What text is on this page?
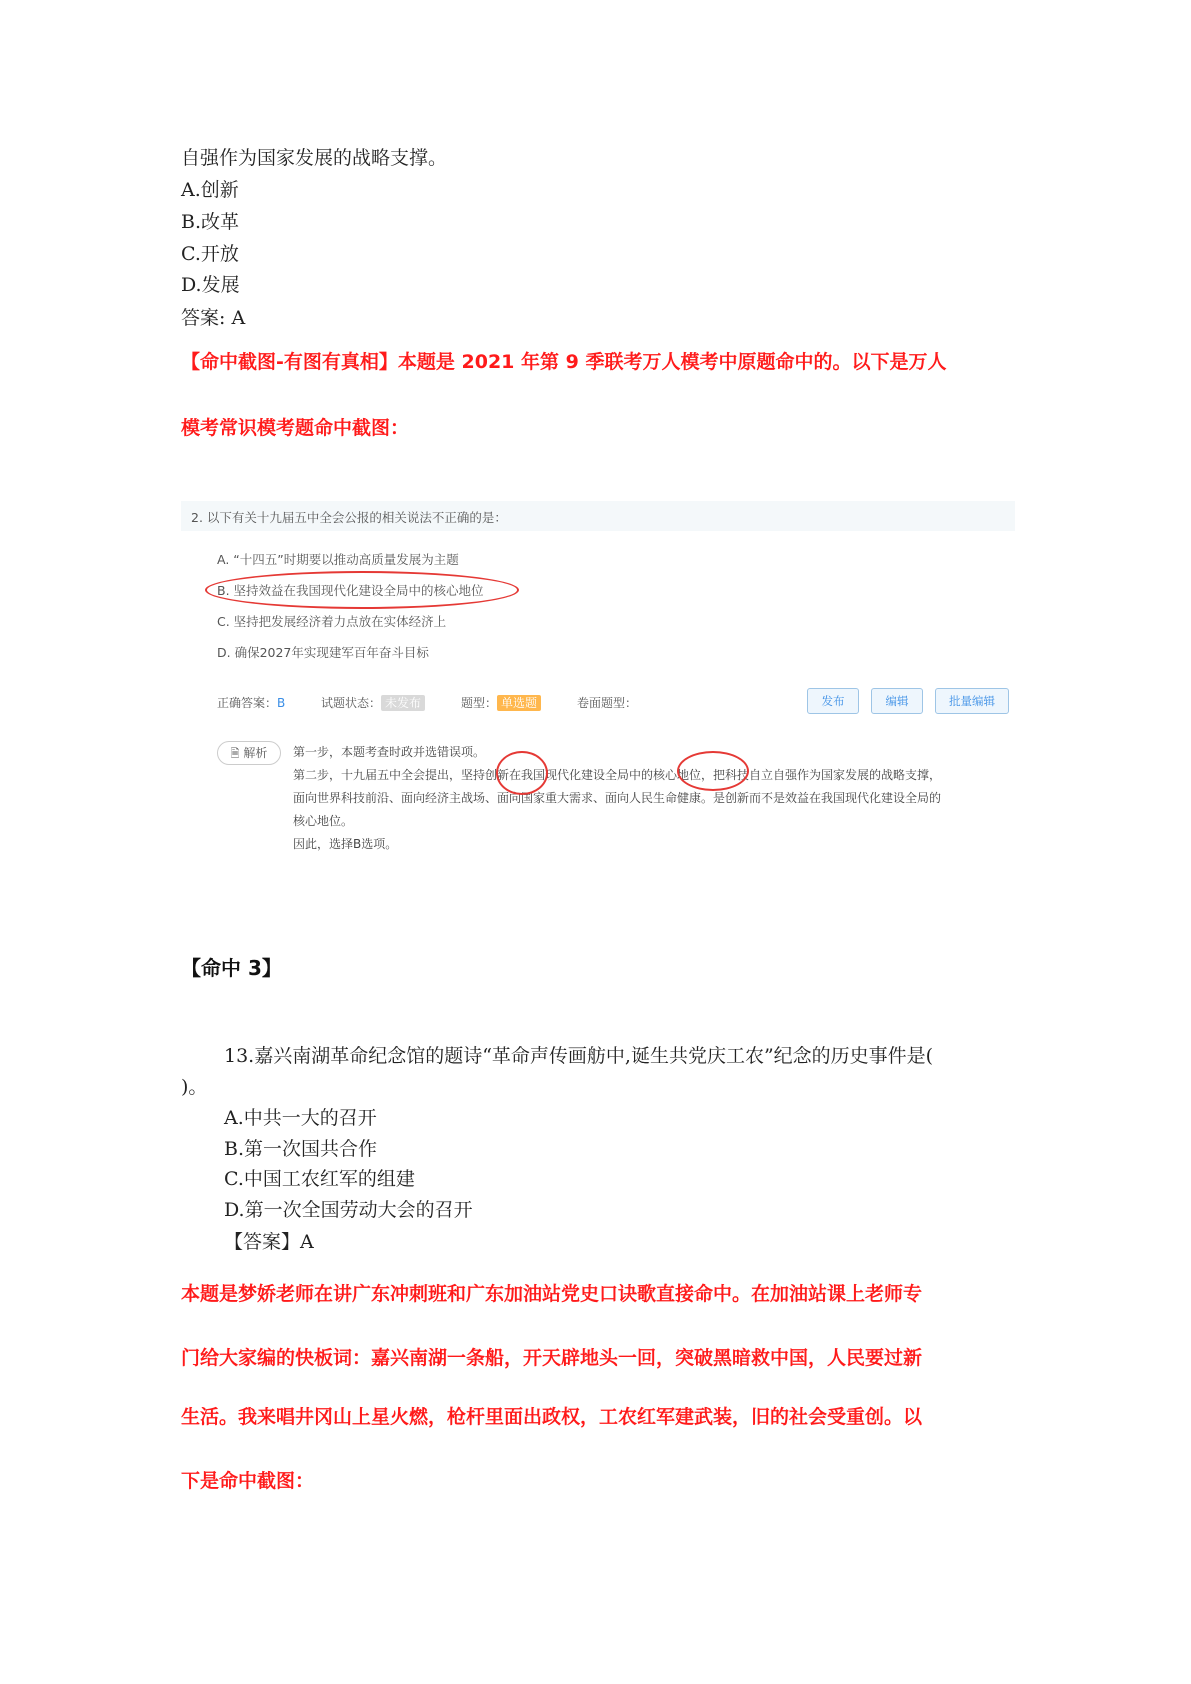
自强作为国家发展的战略支撑。
A.创新
B.改革
C.开放
D.发展
答案: A
【命中截图-有图有真相】本题是 2021 年第 9 季联考万人模考中原题命中的。以下是万人
模考常识模考题命中截图：
2. 以下有关十九届五中全会公报的相关说法不正确的是：
A. “十四五”时期要以推动高质量发展为主题
B. 坚持效益在我国现代化建设全局中的核心地位
C. 坚持把发展经济着力点放在实体经济上
D. 确保2027年实现建军百年奋斗目标
正确答案：B	试题状态： 未发布	题型： 单选题	卷面题型：	发布	编辑	批量编辑
🗎 解析	第一步，本题考查时政并选错误项。
第二步，十九届五中全会提出，坚持创新在我国现代化建设全局中的核心地位，把科技自立自强作为国家发展的战略支撑，
面向世界科技前沿、面向经济主战场、面向国家重大需求、面向人民生命健康。是创新而不是效益在我国现代化建设全局的
核心地位。
因此，选择B选项。
【命中 3】
13.嘉兴南湖革命纪念馆的题诗“革命声传画舫中,诞生共党庆工农”纪念的历史事件是(
)。
A.中共一大的召开
B.第一次国共合作
C.中国工农红军的组建
D.第一次全国劳动大会的召开
【答案】A
本题是梦娇老师在讲广东冲刺班和广东加油站党史口诀歌直接命中。在加油站课上老师专
门给大家编的快板词：嘉兴南湖一条船，开天辟地头一回，突破黑暗救中国，人民要过新
生活。我来唱井冈山上星火燃，枪杆里面出政权，工农红军建武装，旧的社会受重创。以
下是命中截图：
